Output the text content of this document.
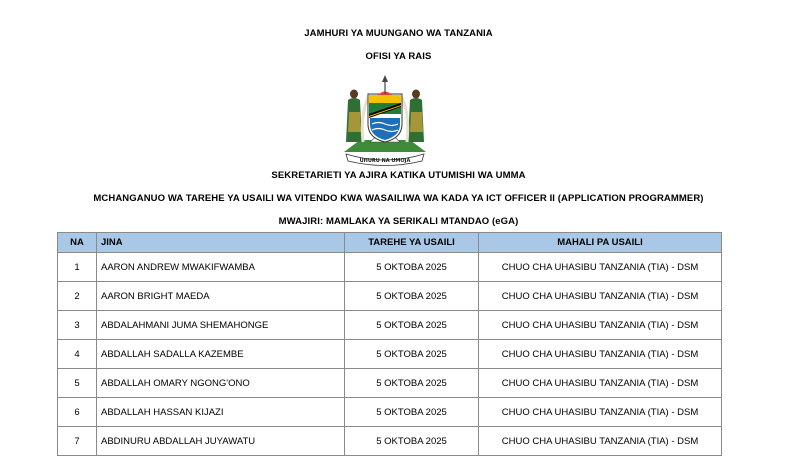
JAMHURI YA MUUNGANO WA TANZANIA
OFISI YA RAIS
UHURU NA UMOJA
SEKRETARIETI YA AJIRA KATIKA UTUMISHI WA UMMA
MCHANGANUO WA TAREHE YA USAILI WA VITENDO KWA WASAILIWA WA KADA YA ICT OFFICER II (APPLICATION PROGRAMMER)
MWAJIRI: MAMLAKA YA SERIKALI MTANDAO (eGA)
NA	JINA	TAREHE YA USAILI	MAHALI PA USAILI
1	AARON ANDREW MWAKIFWAMBA	5 OKTOBA 2025	CHUO CHA UHASIBU TANZANIA (TIA) - DSM
2	AARON BRIGHT MAEDA	5 OKTOBA 2025	CHUO CHA UHASIBU TANZANIA (TIA) - DSM
3	ABDALAHMANI JUMA SHEMAHONGE	5 OKTOBA 2025	CHUO CHA UHASIBU TANZANIA (TIA) - DSM
4	ABDALLAH SADALLA KAZEMBE	5 OKTOBA 2025	CHUO CHA UHASIBU TANZANIA (TIA) - DSM
5	ABDALLAH OMARY NGONG'ONO	5 OKTOBA 2025	CHUO CHA UHASIBU TANZANIA (TIA) - DSM
6	ABDALLAH HASSAN KIJAZI	5 OKTOBA 2025	CHUO CHA UHASIBU TANZANIA (TIA) - DSM
7	ABDINURU ABDALLAH JUYAWATU	5 OKTOBA 2025	CHUO CHA UHASIBU TANZANIA (TIA) - DSM
